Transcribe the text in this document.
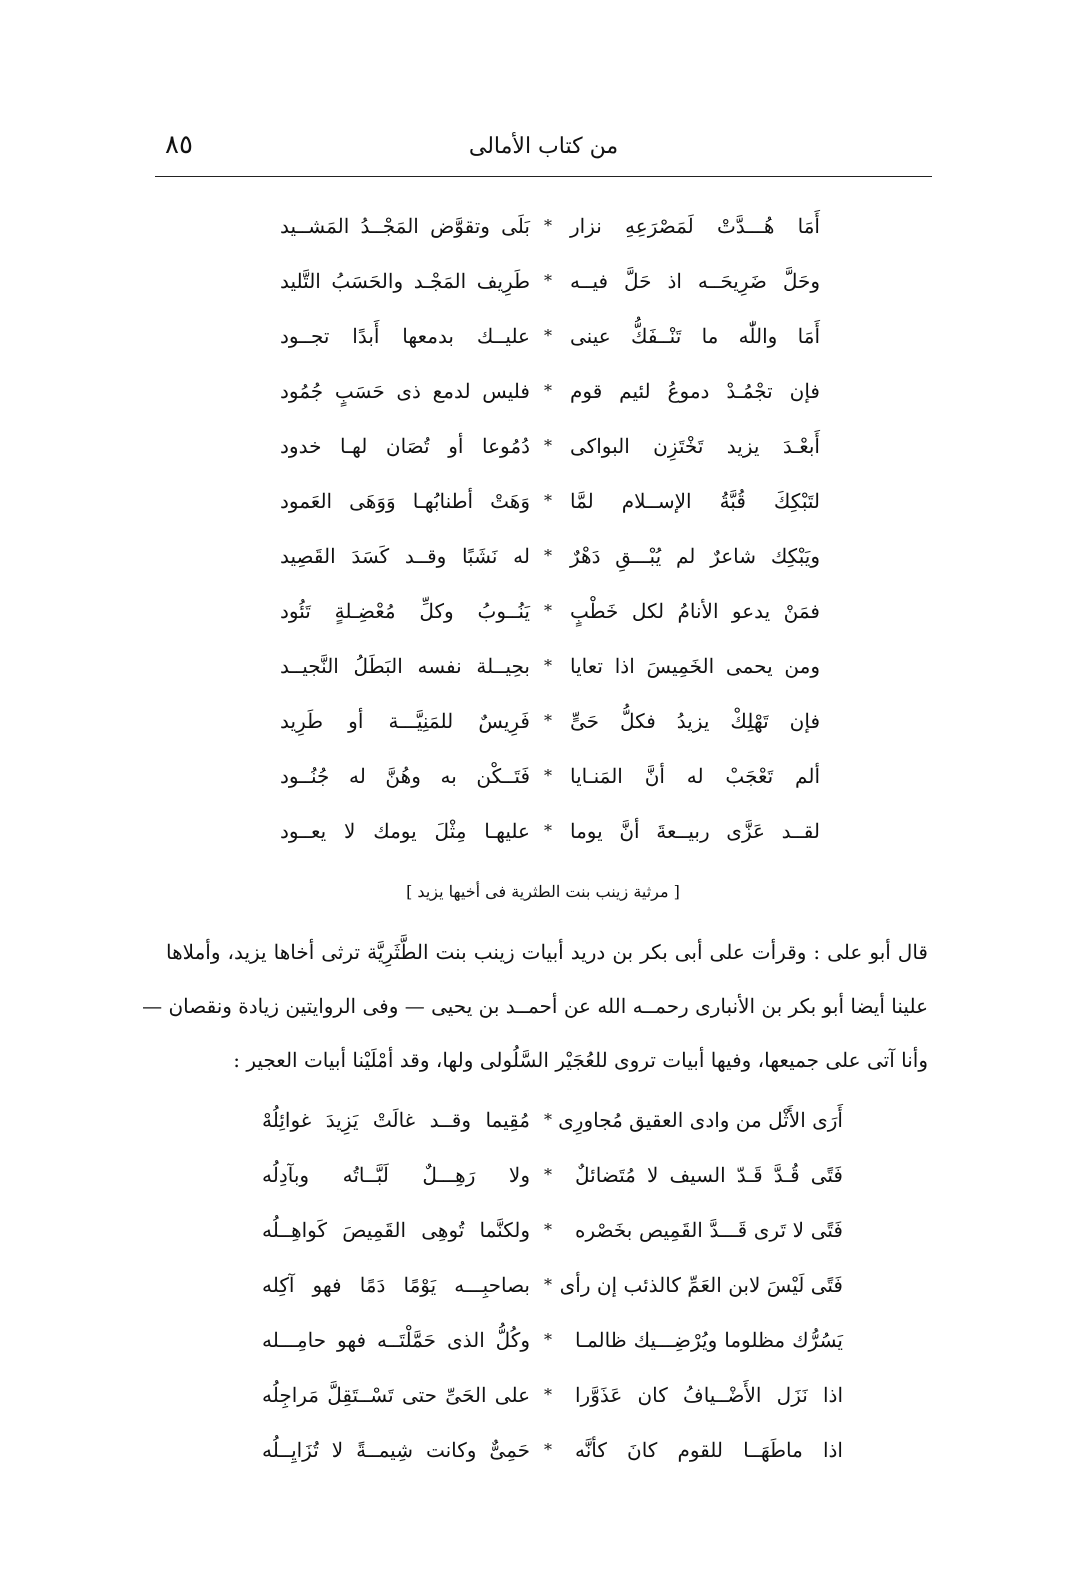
٨٥	من كتاب الأمالى
أَمَا هُـــدَّتْ لَمَصْرَعِهِ نزار
*
بَلَى وتقوَّض المَجْــدُ المَشــيد
وحَلَّ ضَرِيحَــه اذ حَلَّ فيــه
*
طَرِيف المَجْـد والحَسَبُ التَّليد
أَمَا واللّٰه ما تَنْــفَكُّ عينى
*
عليــك بدمعها أَبدًا تجــود
فإن تجْمُـدْ دموعُ لئيم قوم
*
فليس لدمع ذى حَسَبٍ جُمُود
أَبعْـدَ يزيد تَخْتَزِن البواكى
*
دُمُوعا أو تُصَان لهـا خدود
لتَبْكِكَ قُبَّةُ الإســلام لمَّا
*
وَهَتْ أطنابُهـا وَوَهَى العَمود
ويَبْكِك شاعرٌ لم يُبْـــقِ دَهْرٌ
*
له نَشَبًا وقــد كَسَدَ القَصِيد
فمَنْ يدعو الأنامُ لكل خَطْبٍ
*
يَنُــوبُ وكلِّ مُعْضِـلةٍ تَئُود
ومن يحمى الخَمِيسَ اذا تعايا
*
بحِيــلة نفسه البَطَلُ النَّجيــد
فإن تَهْلِكْ يزيدُ فكلُّ حَىٍّ
*
فَرِيسٌ للمَنِيَّـــة أو طَرِيد
ألم تَعْجَبْ له أنَّ المَنـايا
*
فَتَــكْن به وهُنَّ له جُنُــود
لقــد عَزَّى ربيــعةَ أنَّ يوما
*
عليهـا مِثْلَ يومك لا يعــود
[ مرثية زينب بنت الطثرية فى أخيها يزيد ]
قال أبو على : وقرأت على أبى بكر بن دريد أبيات زينب بنت الطَّثَرِيَّة ترثى أخاها يزيد، وأملاها
علينا أيضا أبو بكر بن الأنبارى رحمــه الله عن أحمــد بن يحيى — وفى الروايتين زيادة ونقصان —
وأنا آتى على جميعها، وفيها أبيات تروى للعُجَيْر السَّلُولى ولها، وقد أمْلَيْنا أبيات العجير :
أَرَى الأَثْل من وادى العقيق مُجاورِى
*
مُقِيما وقــد غالَتْ يَزِيدَ غوائِلُهْ
فَتًى قُـدَّ قَـدّ السيف لا مُتَضائلٌ
*
ولا رَهِـــلٌ لَبَّــاتُه وبآدِلُه
فَتًى لا تَرى قَـــدَّ القَمِيص بخَصْره
*
ولكنَّما تُوهِى القَمِيصَ كَواهِــلُه
فَتًى لَيْسَ لابن العَمِّ كالذئب إن رأى
*
بصاحبِـــه يَوْمًا دَمًا فهو آكِله
يَسُرُّك مظلوما ويُرْضِـــيك ظالمـا
*
وكُلُّ الذى حَمَّلْتَــه فهو حامِـــله
اذا نَزَل الأَضْــيافُ كان عَذَوَّرا
*
على الحَىِّ حتى تَسْــتَقِلَّ مَراجِلُه
اذا ماطَهَــا للقوم كانَ كأنَّه
*
حَمِىٌّ وكانت شِيمــةً لا تُزَايِــلُه
